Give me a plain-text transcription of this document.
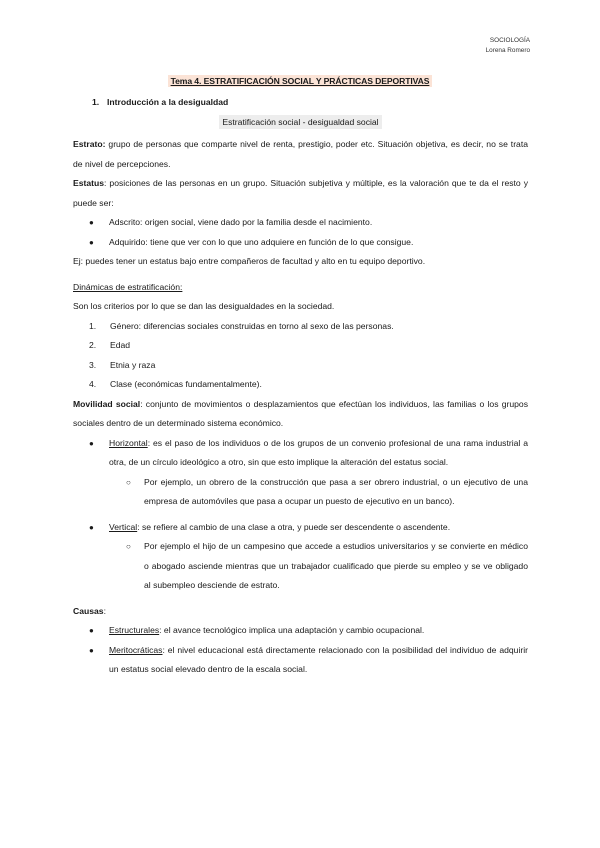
SOCIOLOGÍA
Lorena Romero
Tema 4. ESTRATIFICACIÓN SOCIAL Y PRÁCTICAS DEPORTIVAS

1. Introducción a la desigualdad

Estratificación social - desigualdad social

Estrato: grupo de personas que comparte nivel de renta, prestigio, poder etc. Situación objetiva, es decir, no se trata de nivel de percepciones.

Estatus: posiciones de las personas en un grupo. Situación subjetiva y múltiple, es la valoración que te da el resto y puede ser:

● Adscrito: origen social, viene dado por la familia desde el nacimiento.

● Adquirido: tiene que ver con lo que uno adquiere en función de lo que consigue.

Ej: puedes tener un estatus bajo entre compañeros de facultad y alto en tu equipo deportivo.

Dinámicas de estratificación:

Son los criterios por lo que se dan las desigualdades en la sociedad.

1. Género: diferencias sociales construidas en torno al sexo de las personas.

2. Edad

3. Etnia y raza

4. Clase (económicas fundamentalmente).

Movilidad social: conjunto de movimientos o desplazamientos que efectúan los individuos, las familias o los grupos sociales dentro de un determinado sistema económico.

● Horizontal: es el paso de los individuos o de los grupos de un convenio profesional de una rama industrial a otra, de un círculo ideológico a otro, sin que esto implique la alteración del estatus social.

○ Por ejemplo, un obrero de la construcción que pasa a ser obrero industrial, o un ejecutivo de una empresa de automóviles que pasa a ocupar un puesto de ejecutivo en un banco).

● Vertical: se refiere al cambio de una clase a otra, y puede ser descendente o ascendente.

○ Por ejemplo el hijo de un campesino que accede a estudios universitarios y se convierte en médico o abogado asciende mientras que un trabajador cualificado que pierde su empleo y se ve obligado al subempleo desciende de estrato.

Causas:

● Estructurales: el avance tecnológico implica una adaptación y cambio ocupacional.

● Meritocráticas: el nivel educacional está directamente relacionado con la posibilidad del individuo de adquirir un estatus social elevado dentro de la escala social.
